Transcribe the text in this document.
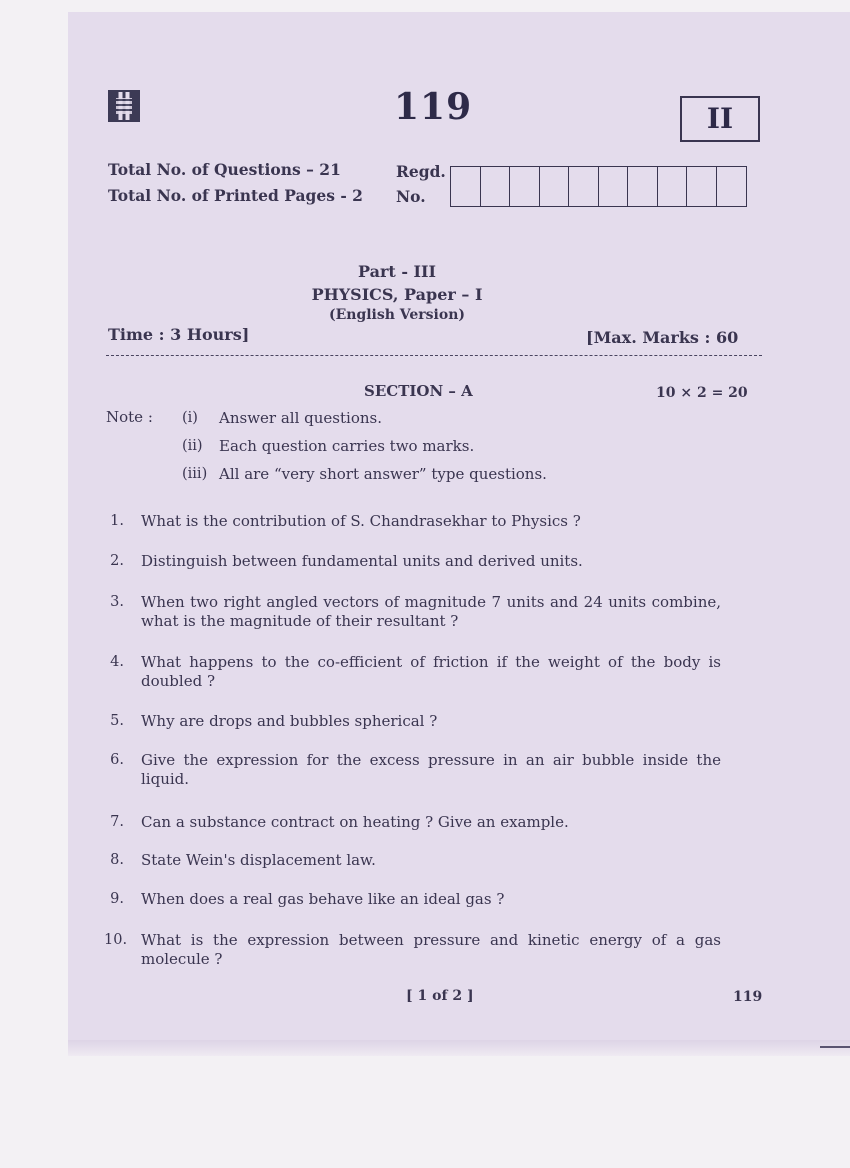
119	II
Total No. of Questions – 21
Total No. of Printed Pages - 2
Regd.
No.
Part - III
PHYSICS, Paper – I
(English Version)
Time : 3 Hours]	[Max. Marks : 60
SECTION – A	10 × 2 = 20
Note : (i) Answer all questions.
(ii) Each question carries two marks.
(iii) All are “very short answer” type questions.
1. What is the contribution of S. Chandrasekhar to Physics ?
2. Distinguish between fundamental units and derived units.
3. When two right angled vectors of magnitude 7 units and 24 units combine, what is the magnitude of their resultant ?
4. What happens to the co-efficient of friction if the weight of the body is doubled ?
5. Why are drops and bubbles spherical ?
6. Give the expression for the excess pressure in an air bubble inside the liquid.
7. Can a substance contract on heating ? Give an example.
8. State Wein's displacement law.
9. When does a real gas behave like an ideal gas ?
10. What is the expression between pressure and kinetic energy of a gas molecule ?
[ 1 of 2 ]	119
